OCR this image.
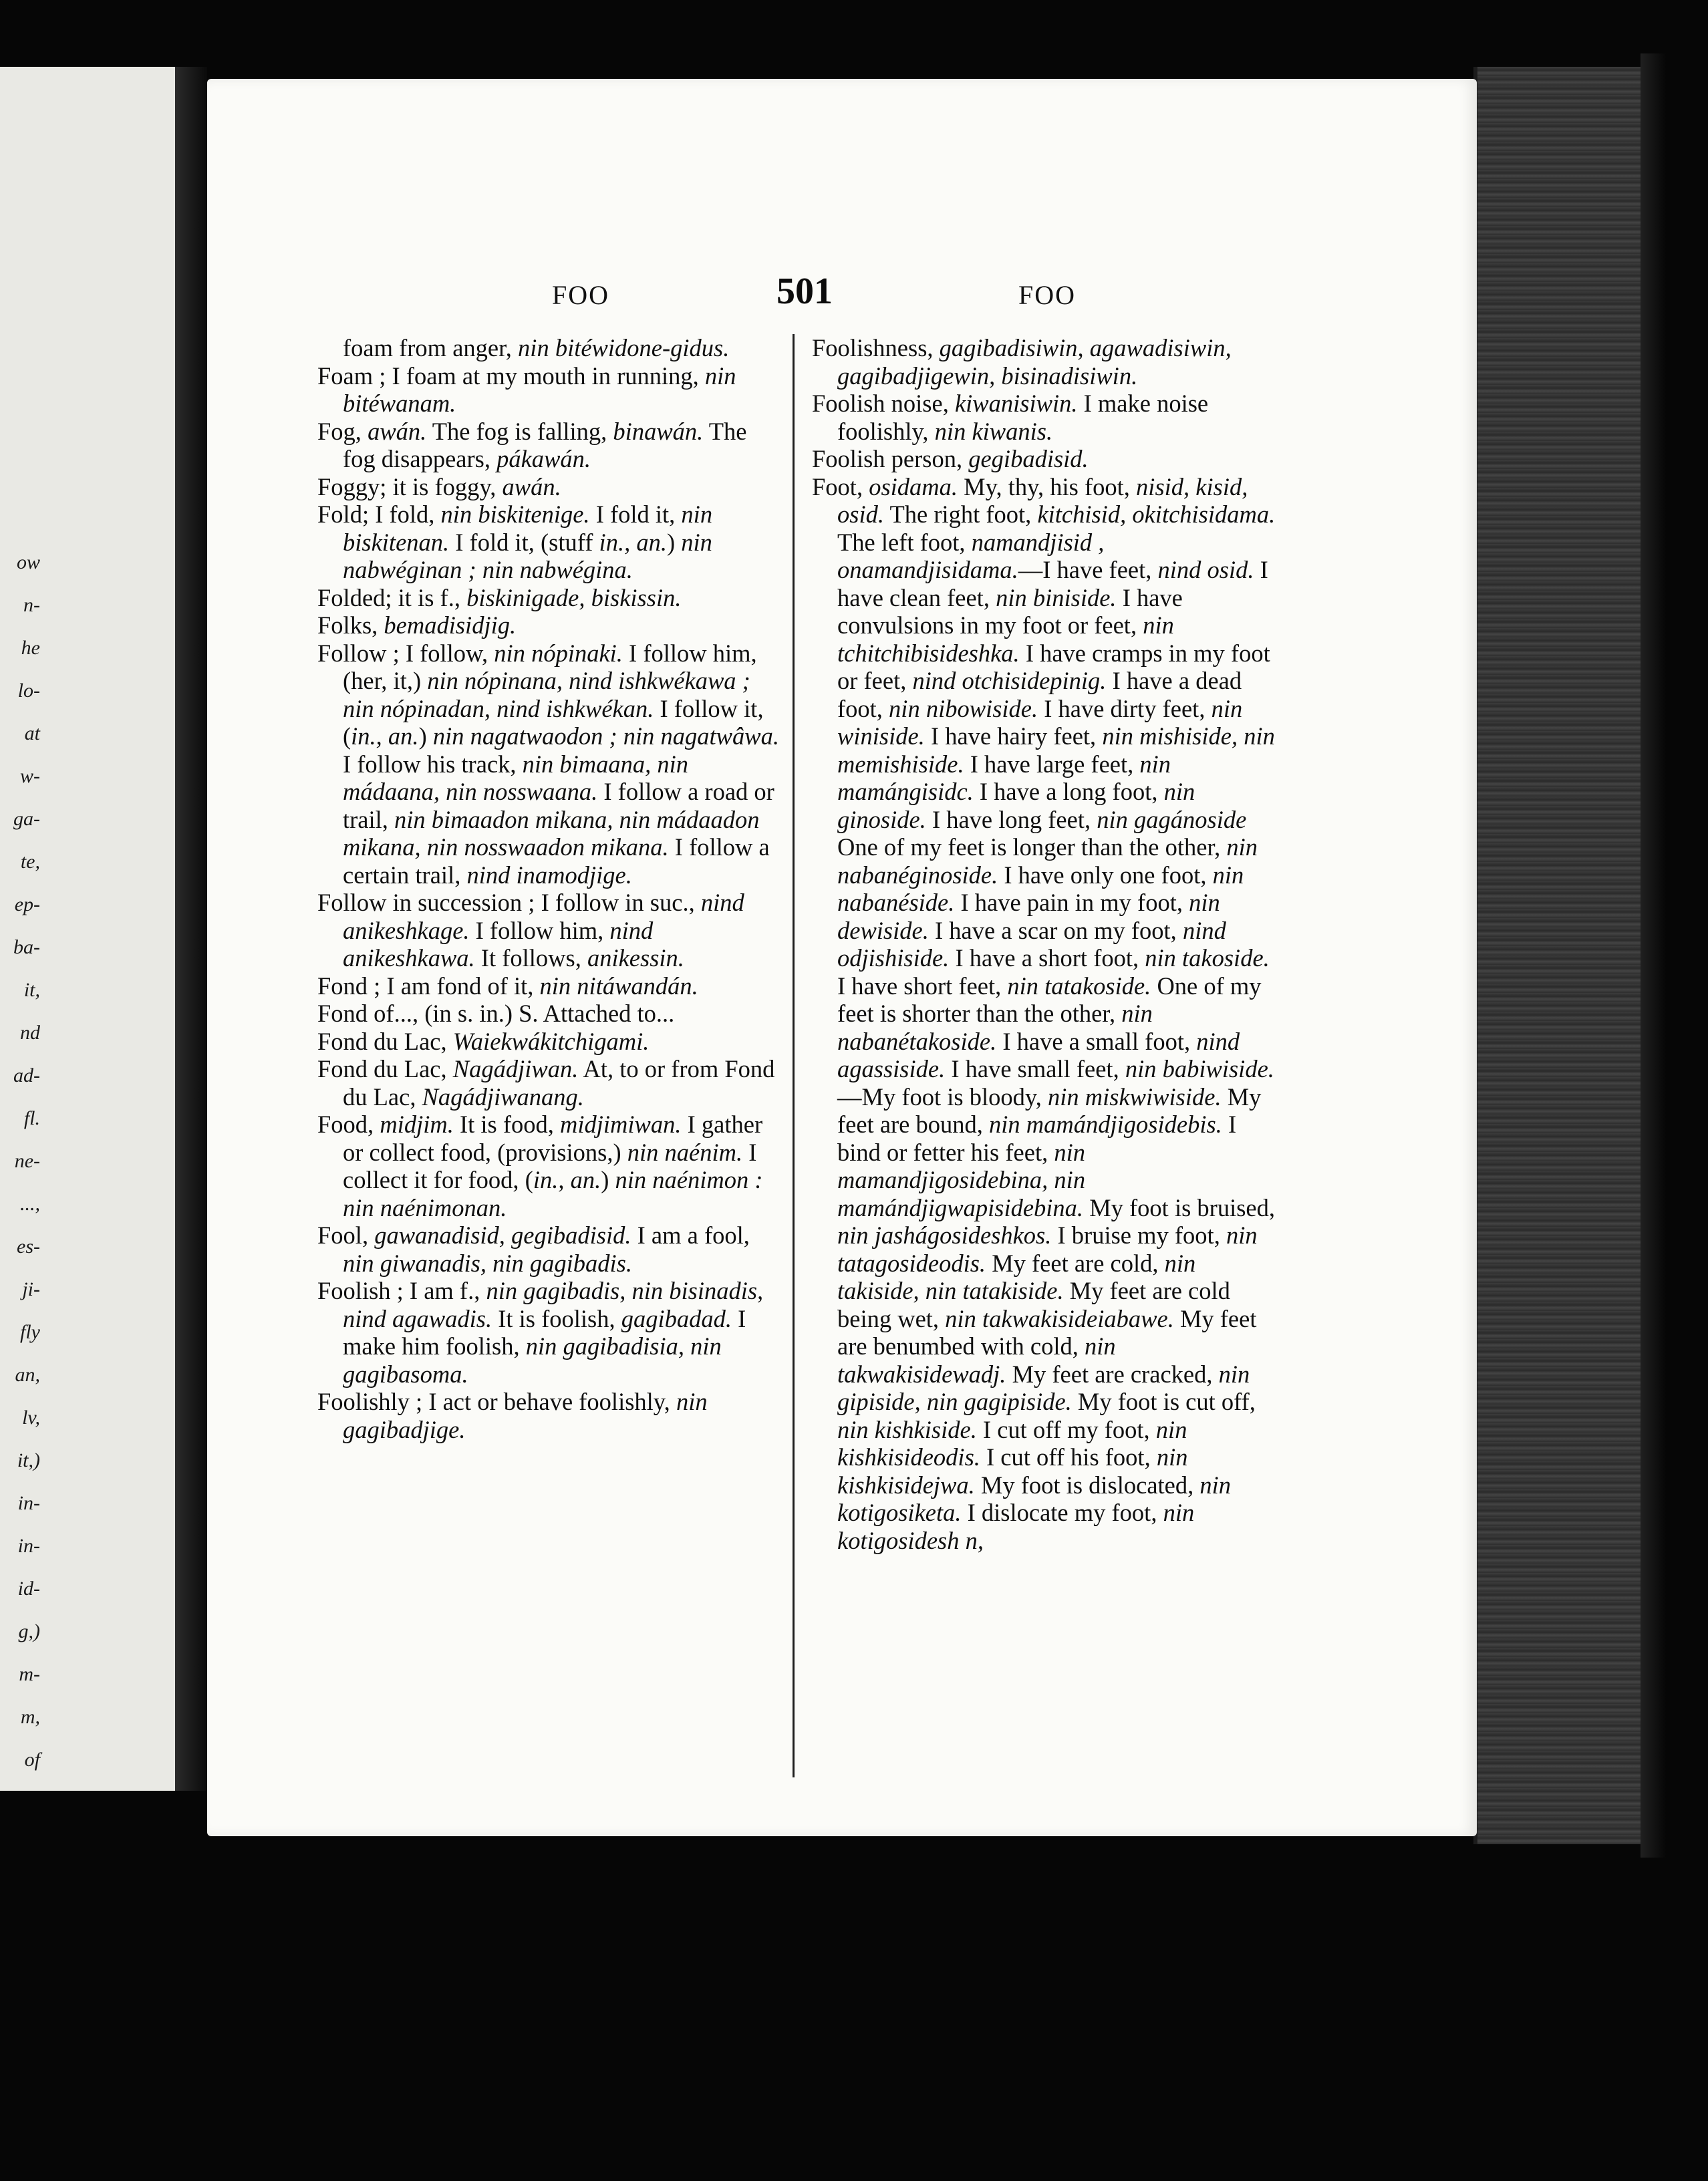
ow
n-
he
lo-
at
w-
ga-
te,
ep-
ba-
it,
nd
ad-
fl.
ne-
...,
es-
ji-
fly
an,
lv,
it,)
in-
in-
id-
g,)
m-
m,
of
FOO	501	FOO
foam from anger, nin bitéwidone-gidus.
Foam ; I foam at my mouth in running, nin bitéwanam.
Fog, awán. The fog is falling, binawán. The fog disappears, pákawán.
Foggy; it is foggy, awán.
Fold; I fold, nin biskitenige. I fold it, nin biskitenan. I fold it, (stuff in., an.) nin nabwéginan ; nin nabwégina.
Folded; it is f., biskinigade, biskissin.
Folks, bemadisidjig.
Follow ; I follow, nin nópinaki. I follow him, (her, it,) nin nópinana, nind ishkwékawa ; nin nópinadan, nind ishkwékan. I follow it, (in., an.) nin nagatwaodon ; nin nagatwâwa. I follow his track, nin bimaana, nin mádaana, nin nosswaana. I follow a road or trail, nin bimaadon mikana, nin mádaadon mikana, nin nosswaadon mikana. I follow a certain trail, nind inamodjige.
Follow in succession ; I follow in suc., nind anikeshkage. I follow him, nind anikeshkawa. It follows, anikessin.
Fond ; I am fond of it, nin nitáwandán.
Fond of..., (in s. in.) S. Attached to...
Fond du Lac, Waiekwákitchigami.
Fond du Lac, Nagádjiwan. At, to or from Fond du Lac, Nagádjiwanang.
Food, midjim. It is food, midjimiwan. I gather or collect food, (provisions,) nin naénim. I collect it for food, (in., an.) nin naénimon : nin naénimonan.
Fool, gawanadisid, gegibadisid. I am a fool, nin giwanadis, nin gagibadis.
Foolish ; I am f., nin gagibadis, nin bisinadis, nind agawadis. It is foolish, gagibadad. I make him foolish, nin gagibadisia, nin gagibasoma.
Foolishly ; I act or behave foolishly, nin gagibadjige.
Foolishness, gagibadisiwin, agawadisiwin, gagibadjigewin, bisinadisiwin.
Foolish noise, kiwanisiwin. I make noise foolishly, nin kiwanis.
Foolish person, gegibadisid.
Foot, osidama. My, thy, his foot, nisid, kisid, osid. The right foot, kitchisid, okitchisidama. The left foot, namandjisid , onamandjisidama.—I have feet, nind osid. I have clean feet, nin biniside. I have convulsions in my foot or feet, nin tchitchibisideshka. I have cramps in my foot or feet, nind otchisidepinig. I have a dead foot, nin nibowiside. I have dirty feet, nin winiside. I have hairy feet, nin mishiside, nin memishiside. I have large feet, nin mamángisidc. I have a long foot, nin ginoside. I have long feet, nin gagánoside One of my feet is longer than the other, nin nabanéginoside. I have only one foot, nin nabanéside. I have pain in my foot, nin dewiside. I have a scar on my foot, nind odjishiside. I have a short foot, nin takoside. I have short feet, nin tatakoside. One of my feet is shorter than the other, nin nabanétakoside. I have a small foot, nind agassiside. I have small feet, nin babiwiside.—My foot is bloody, nin miskwiwiside. My feet are bound, nin mamándjigosidebis. I bind or fetter his feet, nin mamandjigosidebina, nin mamándjigwapisidebina. My foot is bruised, nin jashágosideshkos. I bruise my foot, nin tatagosideodis. My feet are cold, nin takiside, nin tatakiside. My feet are cold being wet, nin takwakisideiabawe. My feet are benumbed with cold, nin takwakisidewadj. My feet are cracked, nin gipiside, nin gagipiside. My foot is cut off, nin kishkiside. I cut off my foot, nin kishkisideodis. I cut off his foot, nin kishkisidejwa. My foot is dislocated, nin kotigosiketa. I dislocate my foot, nin kotigosidesh n,
